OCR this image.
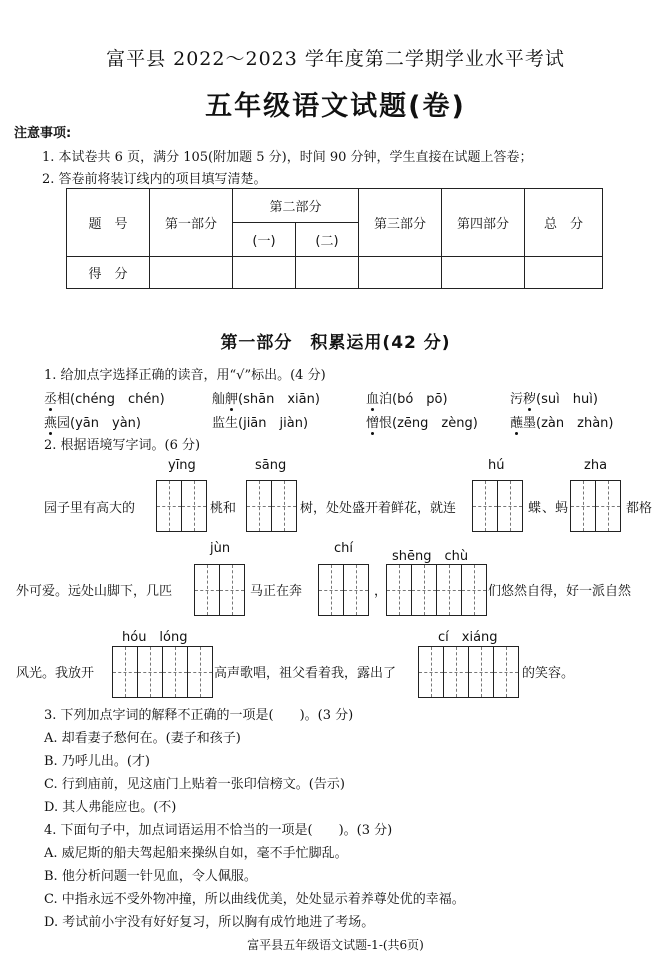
富平县 2022～2023 学年度第二学期学业水平考试
五年级语文试题(卷)
注意事项:
1. 本试卷共 6 页，满分 105(附加题 5 分)，时间 90 分钟，学生直接在试题上答卷；
2. 答卷前将装订线内的项目填写清楚。
题　号	第一部分	第二部分		第三部分	第四部分	总　分
		(一)	(二)			
得　分						
第一部分　积累运用(42 分)
1. 给加点字选择正确的读音，用“√”标出。(4 分)
丞相(chéng　chén)	舢舺(shān　xiān)	血泊(bó　pō)	污秽(suì　huì)
燕园(yān　yàn)	监生(jiān　jiàn)	憎恨(zēng　zèng) 蘸墨(zàn　zhàn)
2. 根据语境写字词。(6 分)
yīng	sāng	hú	zha
园子里有高大的	桃和	树，处处盛开着鲜花，就连	蝶 、蚂	都格
jùn	chí
shēng　chù
外可爱。远处山脚下，几匹	马正在奔	，	们悠然自得，好一派自然
hóu　lóng	cí　xiáng
风光。我放开	高声歌唱，祖父看着我，露出了	的笑容。
3. 下列加点字词的解释不正确的一项是(　　)。(3 分)
A. 却看妻子愁何在。(妻子和孩子)
B. 乃呼儿出。(才)
C. 行到庙前，见这庙门上贴着一张印信榜文。(告示)
D. 其人弗能应也。(不)
4. 下面句子中，加点词语运用不恰当的一项是(　　)。(3 分)
A. 威尼斯的船夫驾起船来操纵自如，毫不手忙脚乱。
B. 他分析问题一针见血，令人佩服。
C. 中指永远不受外物冲撞，所以曲线优美，处处显示着养尊处优的幸福。
D. 考试前小宇没有好好复习，所以胸有成竹地进了考场。
富平县五年级语文试题-1-(共6页)
